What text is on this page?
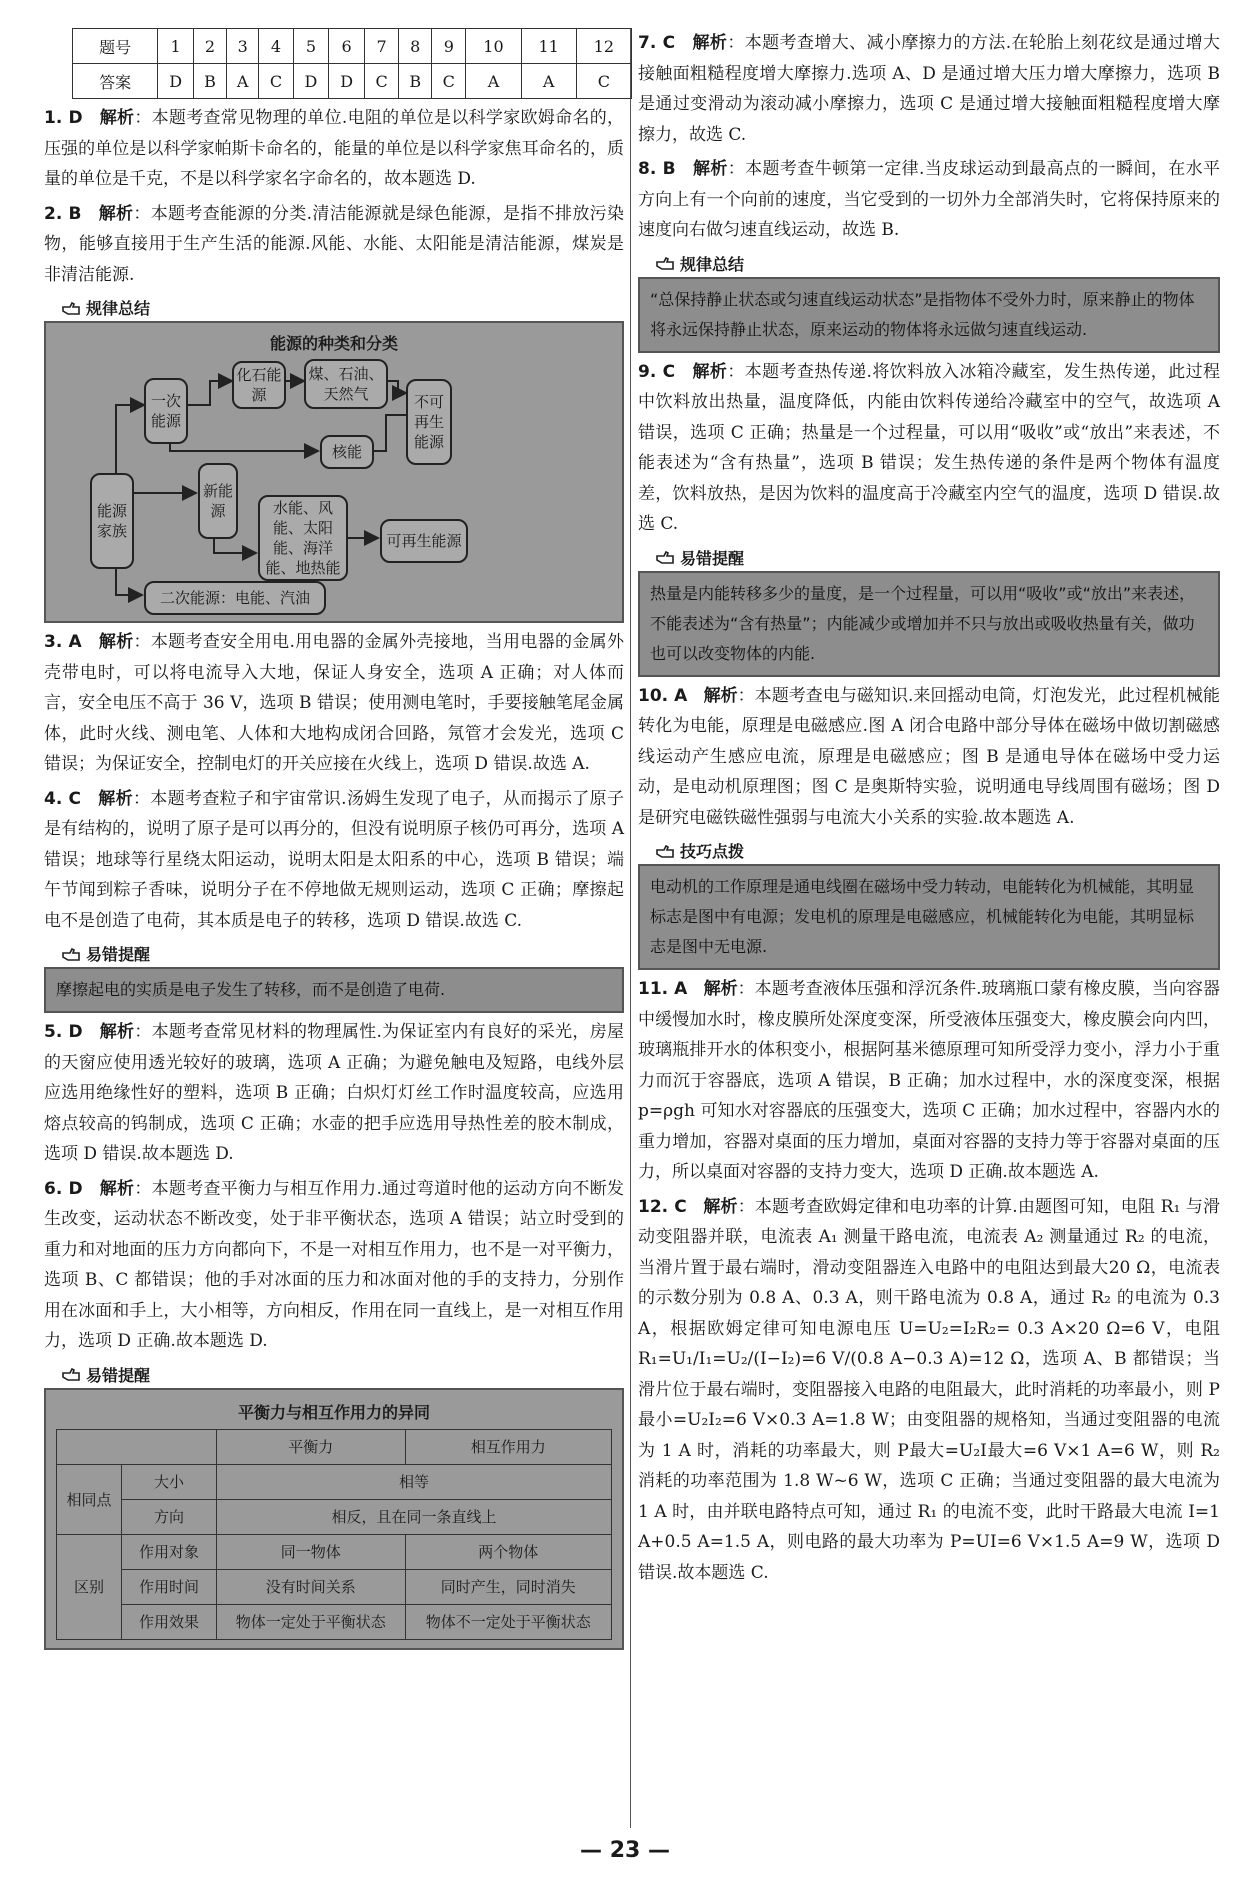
题号	1	2	3	4	5	6	7	8	9	10	11	12
答案	D	B	A	C	D	D	C	B	C	A	A	C
1. D 解析：本题考查常见物理的单位.电阻的单位是以科学家欧姆命名的，压强的单位是以科学家帕斯卡命名的，能量的单位是以科学家焦耳命名的，质量的单位是千克，不是以科学家名字命名的，故本题选 D.
2. B 解析：本题考查能源的分类.清洁能源就是绿色能源，是指不排放污染物，能够直接用于生产生活的能源.风能、水能、太阳能是清洁能源，煤炭是非清洁能源.
规律总结
能源的种类和分类
能源家族
一次能源
化石能源
煤、石油、天然气	不可再生能源
核能
新能源	水能、风能、太阳能、海洋能、地热能
可再生能源
二次能源：电能、汽油
3. A 解析：本题考查安全用电.用电器的金属外壳接地，当用电器的金属外壳带电时，可以将电流导入大地，保证人身安全，选项 A 正确；对人体而言，安全电压不高于 36 V，选项 B 错误；使用测电笔时，手要接触笔尾金属体，此时火线、测电笔、人体和大地构成闭合回路，氖管才会发光，选项 C 错误；为保证安全，控制电灯的开关应接在火线上，选项 D 错误.故选 A.
4. C 解析：本题考查粒子和宇宙常识.汤姆生发现了电子，从而揭示了原子是有结构的，说明了原子是可以再分的，但没有说明原子核仍可再分，选项 A 错误；地球等行星绕太阳运动，说明太阳是太阳系的中心，选项 B 错误；端午节闻到粽子香味，说明分子在不停地做无规则运动，选项 C 正确；摩擦起电不是创造了电荷，其本质是电子的转移，选项 D 错误.故选 C.
易错提醒
摩擦起电的实质是电子发生了转移，而不是创造了电荷.
5. D 解析：本题考查常见材料的物理属性.为保证室内有良好的采光，房屋的天窗应使用透光较好的玻璃，选项 A 正确；为避免触电及短路，电线外层应选用绝缘性好的塑料，选项 B 正确；白炽灯灯丝工作时温度较高，应选用熔点较高的钨制成，选项 C 正确；水壶的把手应选用导热性差的胶木制成，选项 D 错误.故本题选 D.
6. D 解析：本题考查平衡力与相互作用力.通过弯道时他的运动方向不断发生改变，运动状态不断改变，处于非平衡状态，选项 A 错误；站立时受到的重力和对地面的压力方向都向下，不是一对相互作用力，也不是一对平衡力，选项 B、C 都错误；他的手对冰面的压力和冰面对他的手的支持力，分别作用在冰面和手上，大小相等，方向相反，作用在同一直线上，是一对相互作用力，选项 D 正确.故本题选 D.
易错提醒
平衡力与相互作用力的异同
		平衡力	相互作用力
相同点	大小	相等	
	方向	相反，且在同一条直线上	
区别	作用对象	同一物体	两个物体
	作用时间	没有时间关系	同时产生，同时消失
	作用效果	物体一定处于平衡状态	物体不一定处于平衡状态
7. C 解析：本题考查增大、减小摩擦力的方法.在轮胎上刻花纹是通过增大接触面粗糙程度增大摩擦力.选项 A、D 是通过增大压力增大摩擦力，选项 B 是通过变滑动为滚动减小摩擦力，选项 C 是通过增大接触面粗糙程度增大摩擦力，故选 C.
8. B 解析：本题考查牛顿第一定律.当皮球运动到最高点的一瞬间，在水平方向上有一个向前的速度，当它受到的一切外力全部消失时，它将保持原来的速度向右做匀速直线运动，故选 B.
规律总结
“总保持静止状态或匀速直线运动状态”是指物体不受外力时，原来静止的物体将永远保持静止状态，原来运动的物体将永远做匀速直线运动.
9. C 解析：本题考查热传递.将饮料放入冰箱冷藏室，发生热传递，此过程中饮料放出热量，温度降低，内能由饮料传递给冷藏室中的空气，故选项 A 错误，选项 C 正确；热量是一个过程量，可以用“吸收”或“放出”来表述，不能表述为“含有热量”，选项 B 错误；发生热传递的条件是两个物体有温度差，饮料放热，是因为饮料的温度高于冷藏室内空气的温度，选项 D 错误.故选 C.
易错提醒
热量是内能转移多少的量度，是一个过程量，可以用“吸收”或“放出”来表述，不能表述为“含有热量”；内能减少或增加并不只与放出或吸收热量有关，做功也可以改变物体的内能.
10. A 解析：本题考查电与磁知识.来回摇动电筒，灯泡发光，此过程机械能转化为电能，原理是电磁感应.图 A 闭合电路中部分导体在磁场中做切割磁感线运动产生感应电流，原理是电磁感应；图 B 是通电导体在磁场中受力运动，是电动机原理图；图 C 是奥斯特实验，说明通电导线周围有磁场；图 D 是研究电磁铁磁性强弱与电流大小关系的实验.故本题选 A.
技巧点拨
电动机的工作原理是通电线圈在磁场中受力转动，电能转化为机械能，其明显标志是图中有电源；发电机的原理是电磁感应，机械能转化为电能，其明显标志是图中无电源.
11. A 解析：本题考查液体压强和浮沉条件.玻璃瓶口蒙有橡皮膜，当向容器中缓慢加水时，橡皮膜所处深度变深，所受液体压强变大，橡皮膜会向内凹，玻璃瓶排开水的体积变小，根据阿基米德原理可知所受浮力变小，浮力小于重力而沉于容器底，选项 A 错误，B 正确；加水过程中，水的深度变深，根据 p=ρgh 可知水对容器底的压强变大，选项 C 正确；加水过程中，容器内水的重力增加，容器对桌面的压力增加，桌面对容器的支持力等于容器对桌面的压力，所以桌面对容器的支持力变大，选项 D 正确.故本题选 A.
12. C 解析：本题考查欧姆定律和电功率的计算.由题图可知，电阻 R₁ 与滑动变阻器并联，电流表 A₁ 测量干路电流，电流表 A₂ 测量通过 R₂ 的电流，当滑片置于最右端时，滑动变阻器连入电路中的电阻达到最大20 Ω，电流表的示数分别为 0.8 A、0.3 A，则干路电流为 0.8 A，通过 R₂ 的电流为 0.3 A，根据欧姆定律可知电源电压 U=U₂=I₂R₂= 0.3 A×20 Ω=6 V，电阻 R₁=U₁/I₁=U₂/(I−I₂)=6 V/(0.8 A−0.3 A)=12 Ω，选项 A、B 都错误；当滑片位于最右端时，变阻器接入电路的电阻最大，此时消耗的功率最小，则 P最小=U₂I₂=6 V×0.3 A=1.8 W；由变阻器的规格知，当通过变阻器的电流为 1 A 时，消耗的功率最大，则 P最大=U₂I最大=6 V×1 A=6 W，则 R₂ 消耗的功率范围为 1.8 W~6 W，选项 C 正确；当通过变阻器的最大电流为 1 A 时，由并联电路特点可知，通过 R₁ 的电流不变，此时干路最大电流 I=1 A+0.5 A=1.5 A，则电路的最大功率为 P=UI=6 V×1.5 A=9 W，选项 D 错误.故本题选 C.
— 23 —
